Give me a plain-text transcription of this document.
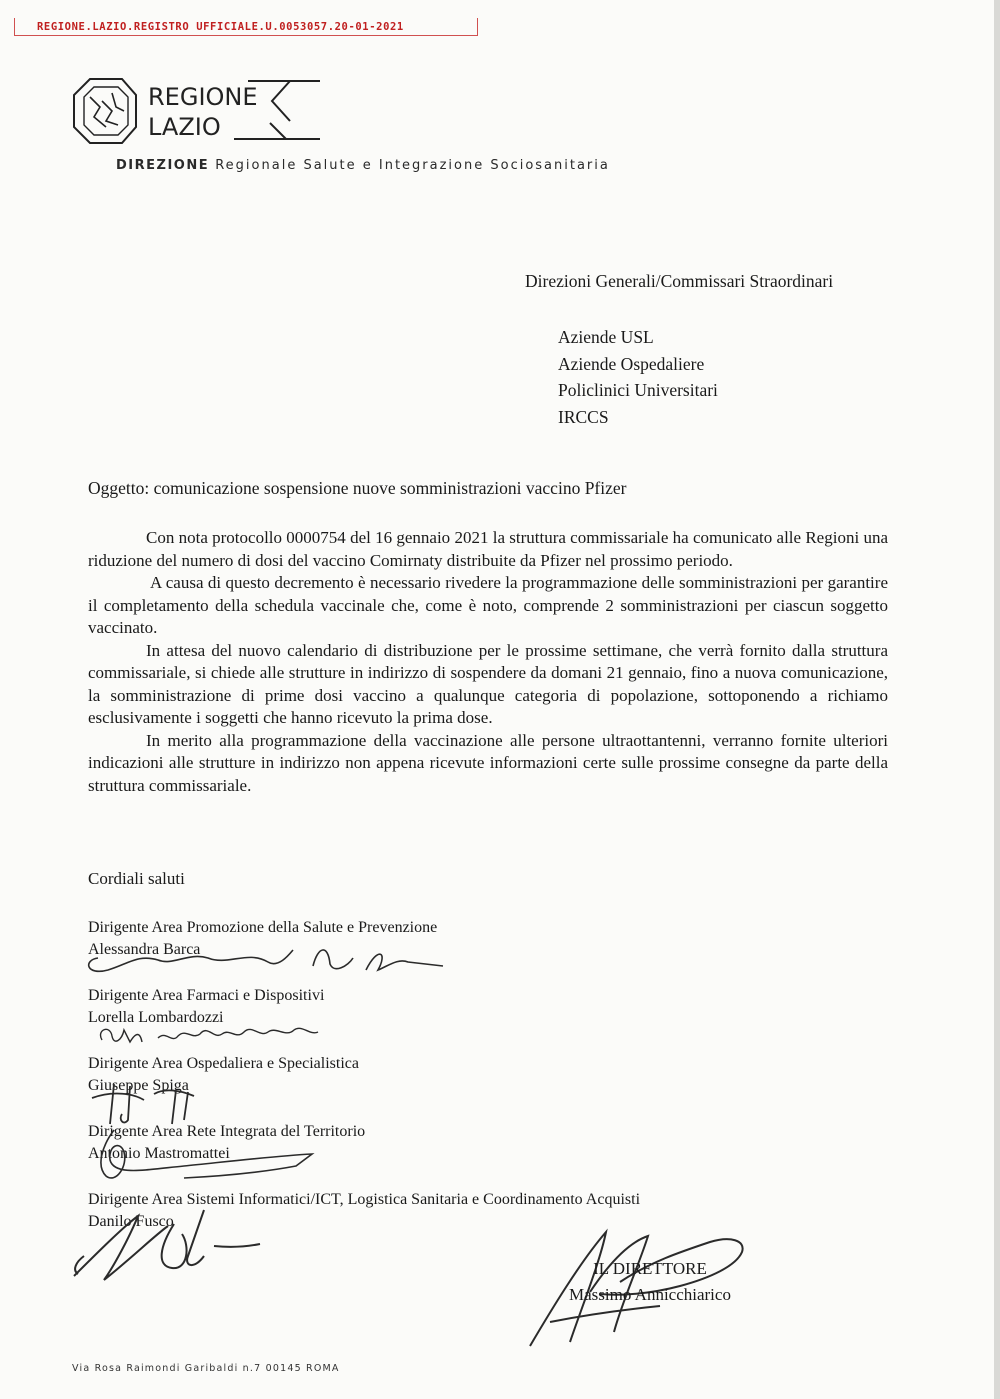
REGIONE.LAZIO.REGISTRO UFFICIALE.U.0053057.20-01-2021
REGIONE
LAZIO
DIREZIONE Regionale Salute e Integrazione Sociosanitaria
Direzioni Generali/Commissari Straordinari
Aziende USL
Aziende Ospedaliere
Policlinici Universitari
IRCCS
Oggetto: comunicazione sospensione nuove somministrazioni vaccino Pfizer

Con nota protocollo 0000754 del 16 gennaio 2021 la struttura commissariale ha comunicato alle Regioni una riduzione del numero di dosi del vaccino Comirnaty distribuite da Pfizer nel prossimo periodo.

A causa di questo decremento è necessario rivedere la programmazione delle somministrazioni per garantire il completamento della schedula vaccinale che, come è noto, comprende 2 somministrazioni per ciascun soggetto vaccinato.

In attesa del nuovo calendario di distribuzione per le prossime settimane, che verrà fornito dalla struttura commissariale, si chiede alle strutture in indirizzo di sospendere da domani 21 gennaio, fino a nuova comunicazione, la somministrazione di prime dosi vaccino a qualunque categoria di popolazione, sottoponendo a richiamo esclusivamente i soggetti che hanno ricevuto la prima dose.

In merito alla programmazione della vaccinazione alle persone ultraottantenni, verranno fornite ulteriori indicazioni alle strutture in indirizzo non appena ricevute informazioni certe sulle prossime consegne da parte della struttura commissariale.

Cordiali saluti
Dirigente Area Promozione della Salute e Prevenzione
Alessandra Barca
Dirigente Area Farmaci e Dispositivi
Lorella Lombardozzi
Dirigente Area Ospedaliera e Specialistica
Giuseppe Spiga
Dirigente Area Rete Integrata del Territorio
Antonio Mastromattei
Dirigente Area Sistemi Informatici/ICT, Logistica Sanitaria e Coordinamento Acquisti
Danilo Fusco
IL DIRETTORE
Massimo Annicchiarico
Via Rosa Raimondi Garibaldi n.7 00145 ROMA
